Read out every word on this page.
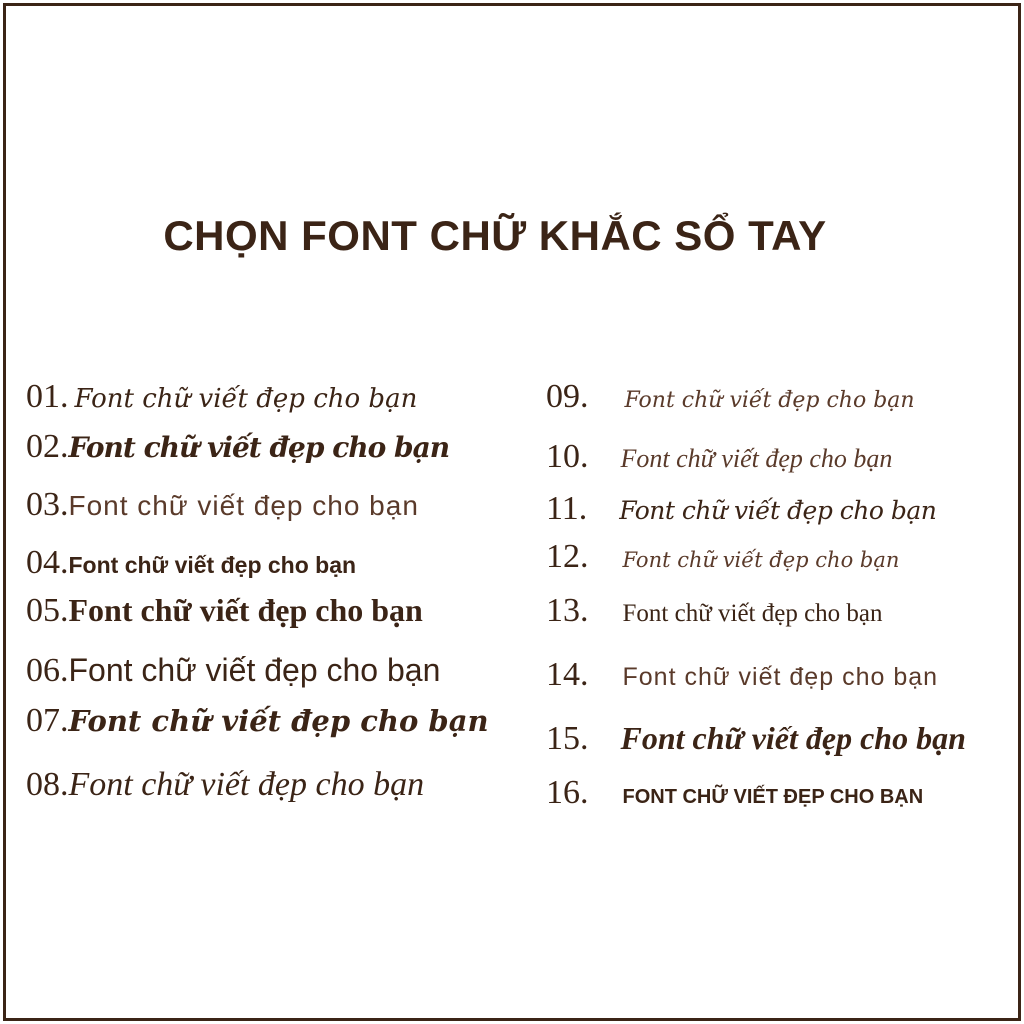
CHỌN FONT CHỮ KHẮC SỔ TAY
01. Font chữ viết đẹp cho bạn
02. Font chữ viết đẹp cho bạn
03. Font chữ viết đẹp cho bạn
04. Font chữ viết đẹp cho bạn
05. Font chữ viết đẹp cho bạn
06. Font chữ viết đẹp cho bạn
07. Font chữ viết đẹp cho bạn
08. Font chữ viết đẹp cho bạn
09. Font chữ viết đẹp cho bạn
10. Font chữ viết đẹp cho bạn
11. Font chữ viết đẹp cho bạn
12. Font chữ viết đẹp cho bạn
13. Font chữ viết đẹp cho bạn
14. Font chữ viết đẹp cho bạn
15. Font chữ viết đẹp cho bạn
16. FONT CHỮ VIẾT ĐẸP CHO BẠN
